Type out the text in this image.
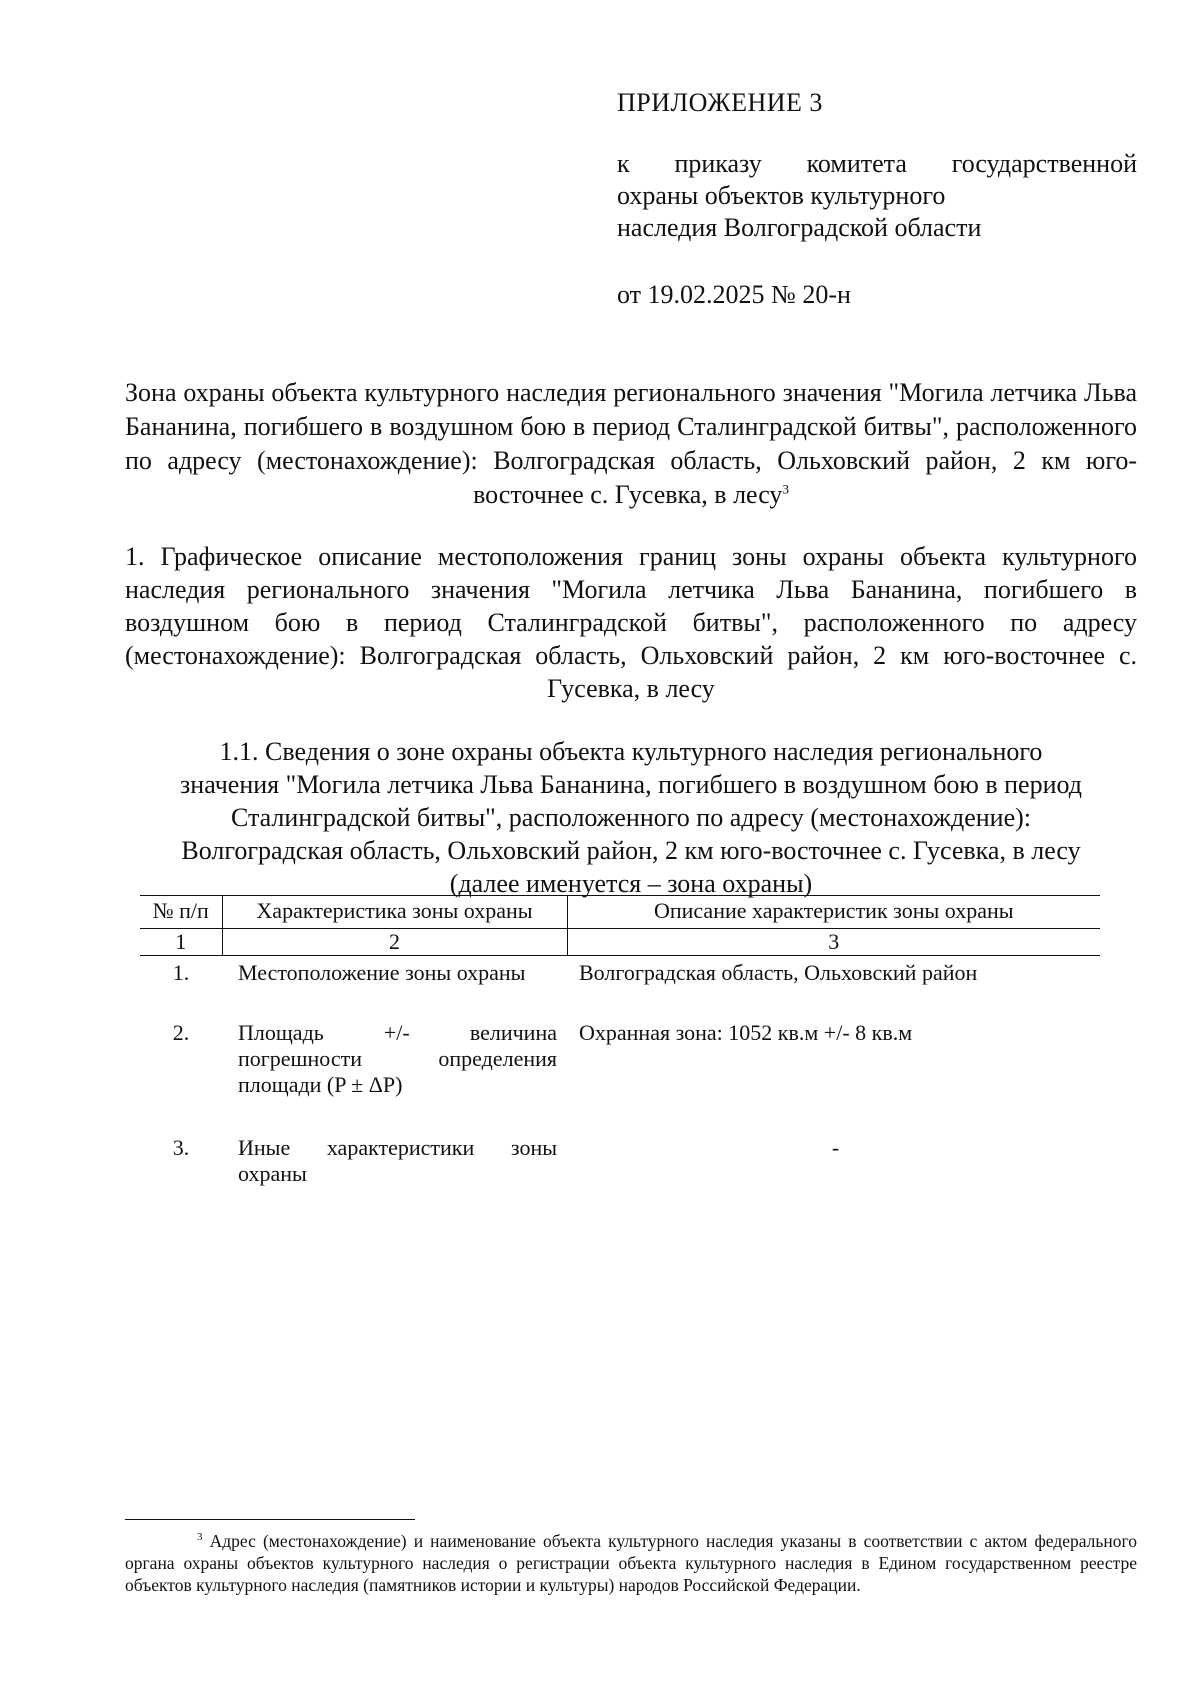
ПРИЛОЖЕНИЕ 3
к приказу комитета государственной
охраны объектов культурного
наследия Волгоградской области
от 19.02.2025 № 20-н
Зона охраны объекта культурного наследия регионального значения "Могила летчика Льва Бананина, погибшего в воздушном бою в период Сталинградской битвы", расположенного по адресу (местонахождение): Волгоградская область, Ольховский район, 2 км юго-восточнее с. Гусевка, в лесу$^3$
1. Графическое описание местоположения границ зоны охраны объекта культурного наследия регионального значения "Могила летчика Льва Бананина, погибшего в воздушном бою в период Сталинградской битвы", расположенного по адресу (местонахождение): Волгоградская область, Ольховский район, 2 км юго-восточнее с. Гусевка, в лесу
1.1. Сведения о зоне охраны объекта культурного наследия регионального
значения "Могила летчика Льва Бананина, погибшего в воздушном бою в период
Сталинградской битвы", расположенного по адресу (местонахождение):
Волгоградская область, Ольховский район, 2 км юго-восточнее с. Гусевка, в лесу
(далее именуется – зона охраны)
№ п/п	Характеристика зоны охраны	Описание характеристик зоны охраны
1	2	3
1.	Местоположение зоны охраны	Волгоградская область, Ольховский район
2.	Площадь +/- величина погрешности определения площади (P ± ΔP)	Охранная зона: 1052 кв.м +/- 8 кв.м
3.	Иные характеристики зоны охраны	-
$^3$ Адрес (местонахождение) и наименование объекта культурного наследия указаны в соответствии с актом федерального органа охраны объектов культурного наследия о регистрации объекта культурного наследия в Едином государственном реестре объектов культурного наследия (памятников истории и культуры) народов Российской Федерации.
